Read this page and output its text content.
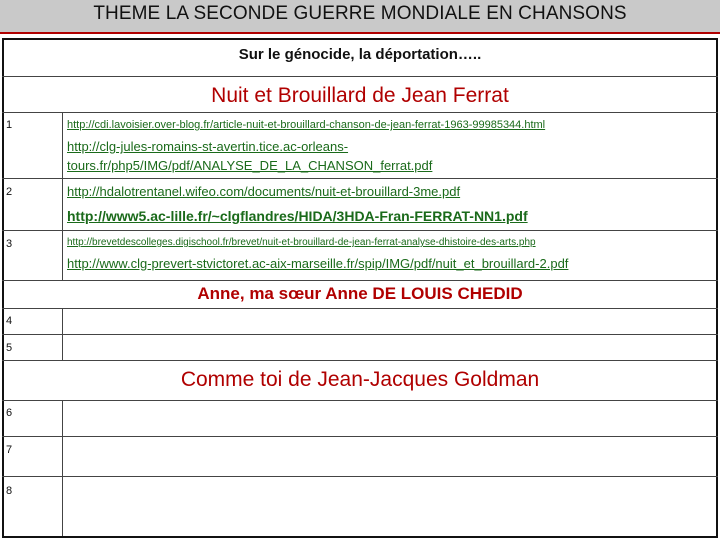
THEME LA SECONDE GUERRE MONDIALE EN CHANSONS
Sur le génocide, la déportation…..
Nuit et Brouillard de Jean Ferrat
1	http://cdi.lavoisier.over-blog.fr/article-nuit-et-brouillard-chanson-de-jean-ferrat-1963-99985344.html
http://clg-jules-romains-st-avertin.tice.ac-orleans-
tours.fr/php5/IMG/pdf/ANALYSE_DE_LA_CHANSON_ferrat.pdf
2	http://hdalotrentanel.wifeo.com/documents/nuit-et-brouillard-3me.pdf
http://www5.ac-lille.fr/~clgflandres/HIDA/3HDA-Fran-FERRAT-NN1.pdf
3	http://brevetdescolleges.digischool.fr/brevet/nuit-et-brouillard-de-jean-ferrat-analyse-dhistoire-des-arts.php
http://www.clg-prevert-stvictoret.ac-aix-marseille.fr/spip/IMG/pdf/nuit_et_brouillard-2.pdf
Anne, ma sœur Anne DE LOUIS CHEDID
4
5
Comme toi de Jean-Jacques Goldman
6
7
8
